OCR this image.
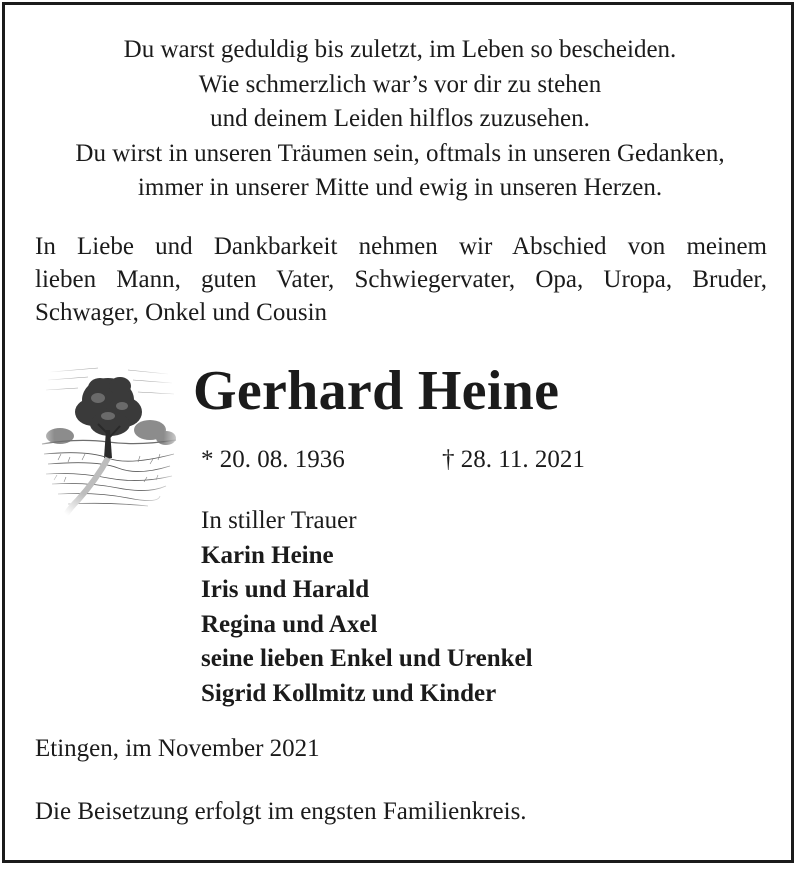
Du warst geduldig bis zuletzt, im Leben so bescheiden.
Wie schmerzlich war’s vor dir zu stehen
und deinem Leiden hilflos zuzusehen.
Du wirst in unseren Träumen sein, oftmals in unseren Gedanken,
immer in unserer Mitte und ewig in unseren Herzen.
In Liebe und Dankbarkeit nehmen wir Abschied von meinem
lieben Mann, guten Vater, Schwiegervater, Opa, Uropa, Bruder,
Schwager, Onkel und Cousin
Gerhard Heine
* 20. 08. 1936	† 28. 11. 2021
In stiller Trauer
Karin Heine
Iris und Harald
Regina und Axel
seine lieben Enkel und Urenkel
Sigrid Kollmitz und Kinder
Etingen, im November 2021
Die Beisetzung erfolgt im engsten Familienkreis.
